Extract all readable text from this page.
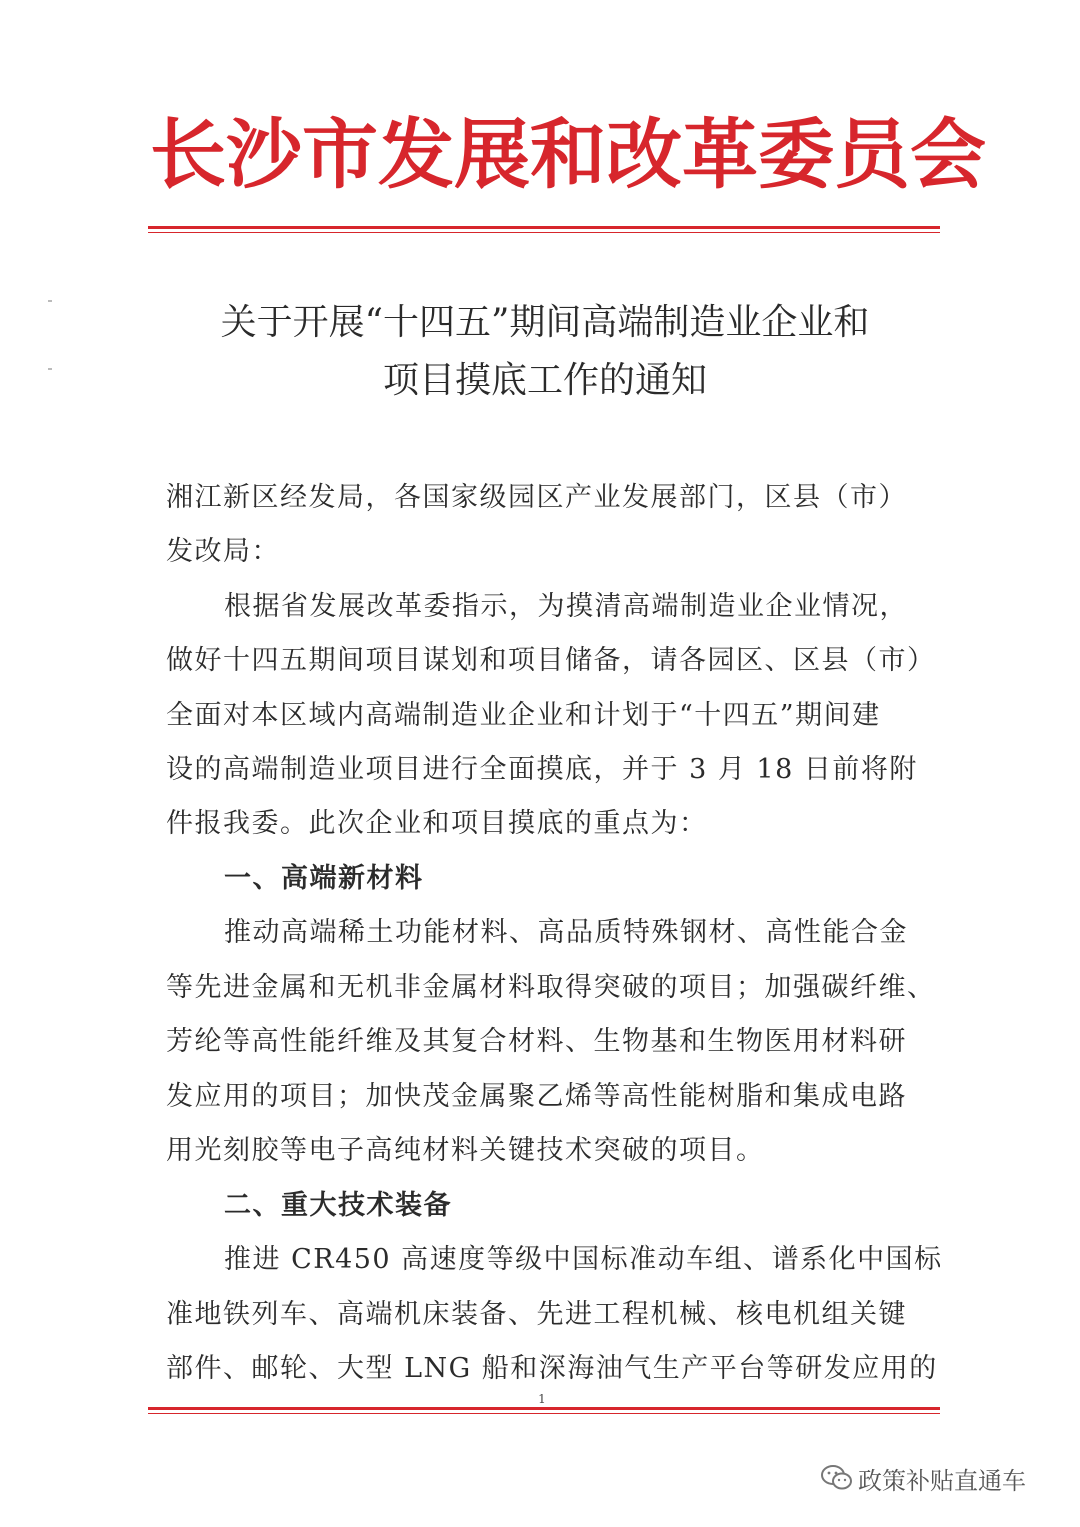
长沙市发展和改革委员会
关于开展“十四五”期间高端制造业企业和
项目摸底工作的通知
湘江新区经发局，各国家级园区产业发展部门，区县（市）
发改局：
根据省发展改革委指示，为摸清高端制造业企业情况，
做好十四五期间项目谋划和项目储备，请各园区、区县（市）
全面对本区域内高端制造业企业和计划于“十四五”期间建
设的高端制造业项目进行全面摸底，并于 3 月 18 日前将附
件报我委。此次企业和项目摸底的重点为：
一、高端新材料
推动高端稀土功能材料、高品质特殊钢材、高性能合金
等先进金属和无机非金属材料取得突破的项目；加强碳纤维、
芳纶等高性能纤维及其复合材料、生物基和生物医用材料研
发应用的项目；加快茂金属聚乙烯等高性能树脂和集成电路
用光刻胶等电子高纯材料关键技术突破的项目。
二、重大技术装备
推进 CR450 高速度等级中国标准动车组、谱系化中国标
准地铁列车、高端机床装备、先进工程机械、核电机组关键
部件、邮轮、大型 LNG 船和深海油气生产平台等研发应用的
1
政策补贴直通车
